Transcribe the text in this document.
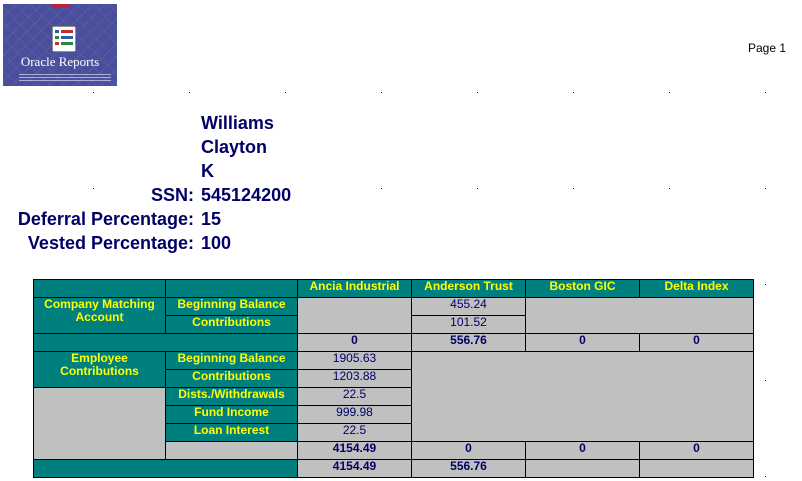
Oracle Reports
Page 1
Williams
Clayton
K
SSN: 545124200
Deferral Percentage: 15
Vested Percentage: 100
		Ancia Industrial	Anderson Trust	Boston GIC	Delta Index
Company Matching Account	Beginning Balance		455.24		
	Contributions		101.52		
		0	556.76	0	0
Employee Contributions	Beginning Balance	1905.63			
	Contributions	1203.88			
	Dists./Withdrawals	22.5			
	Fund Income	999.98			
	Loan Interest	22.5			
		4154.49	0	0	0
		4154.49	556.76		
